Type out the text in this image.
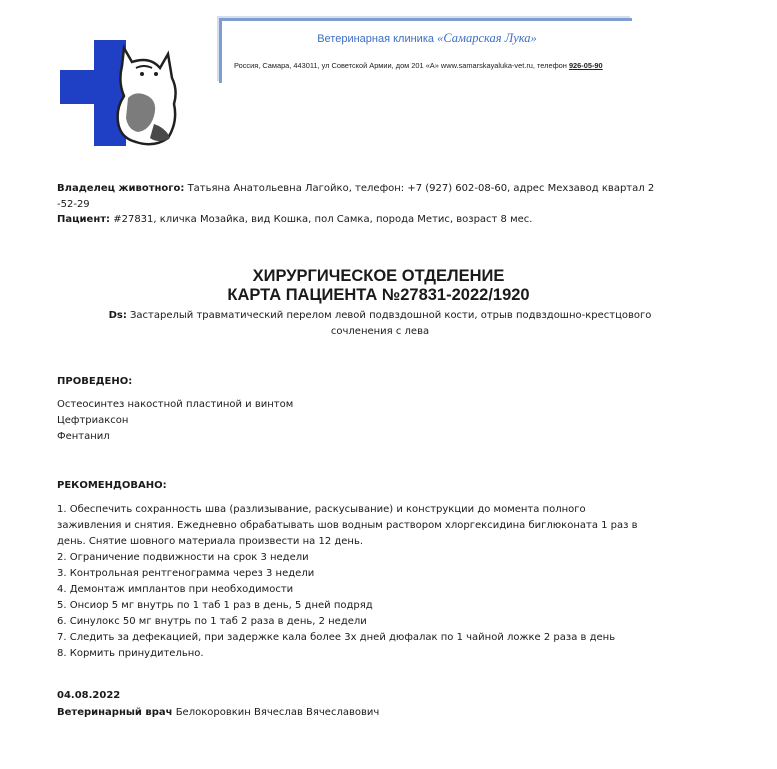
Ветеринарная клиника «Самарская Лука»
Россия, Самара, 443011, ул Советской Армии, дом 201 «А» www.samarskayaluka-vet.ru, телефон 926-05-90
Владелец животного: Татьяна Анатольевна Лагойко, телефон: +7 (927) 602-08-60, адрес Мехзавод квартал 2
-52-29
Пациент: #27831, кличка Мозайка, вид Кошка, пол Самка, порода Метис, возраст 8 мес.
ХИРУРГИЧЕСКОЕ ОТДЕЛЕНИЕ
КАРТА ПАЦИЕНТА №27831-2022/1920
Ds: Застарелый травматический перелом левой подвздошной кости, отрыв подвздошно-крестцового сочленения с лева
ПРОВЕДЕНО:
Остеосинтез накостной пластиной и винтом
Цефтриаксон
Фентанил
РЕКОМЕНДОВАНО:
1. Обеспечить сохранность шва (разлизывание, раскусывание) и конструкции до момента полного
заживления и снятия. Ежедневно обрабатывать шов водным раствором хлоргексидина биглюконата 1 раз в
день. Снятие шовного материала произвести на 12 день.
2. Ограничение подвижности на срок 3 недели
3. Контрольная рентгенограмма через 3 недели
4. Демонтаж имплантов при необходимости
5. Онсиор 5 мг внутрь по 1 таб 1 раз в день, 5 дней подряд
6. Синулокс 50 мг внутрь по 1 таб 2 раза в день, 2 недели
7. Следить за дефекацией, при задержке кала более 3х дней дюфалак по 1 чайной ложке 2 раза в день
8. Кормить принудительно.
04.08.2022
Ветеринарный врач Белокоровкин Вячеслав Вячеславович
